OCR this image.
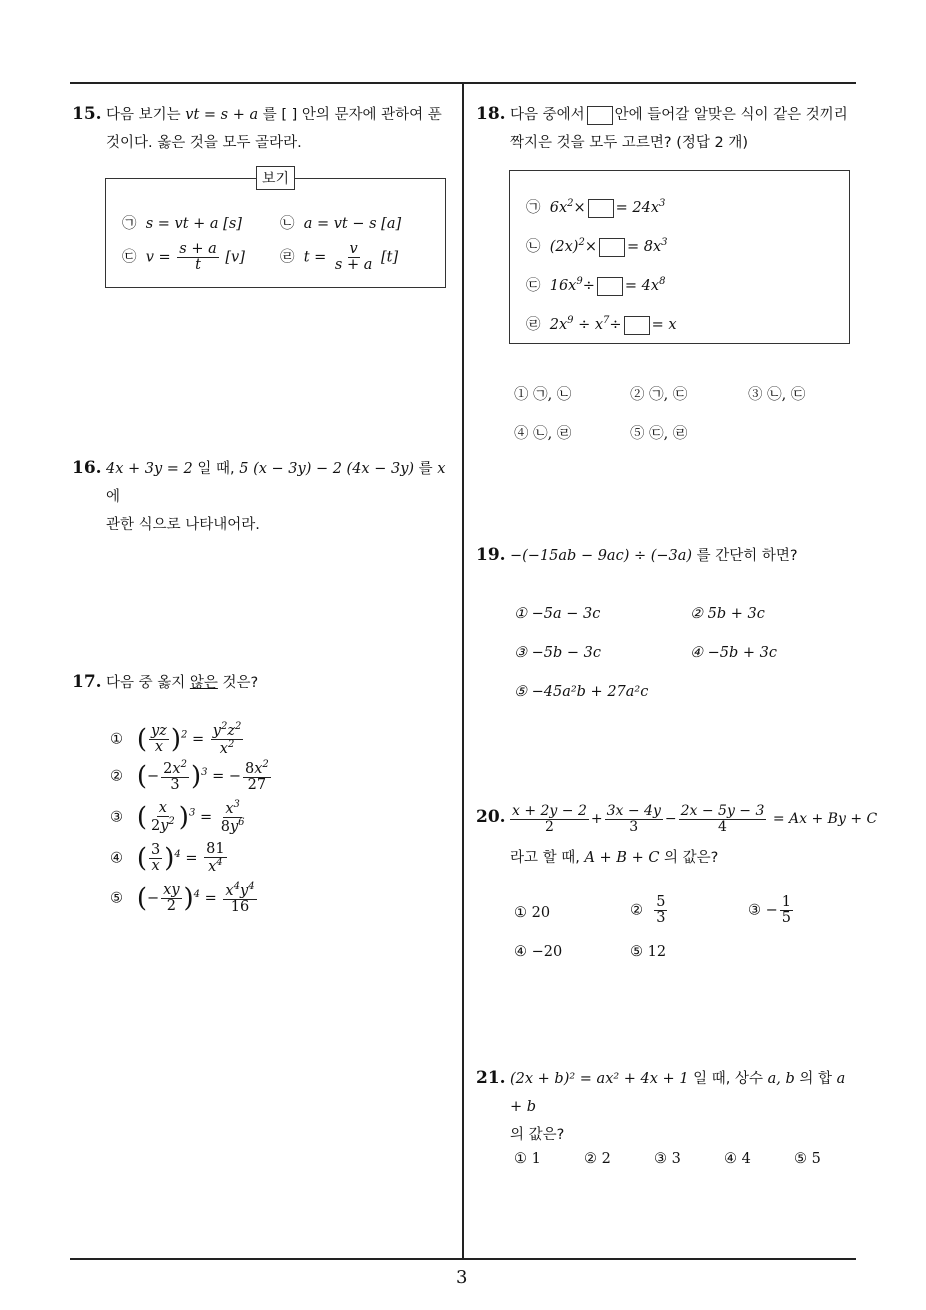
3
15. 다음 보기는 vt = s + a 를 [ ] 안의 문자에 관하여 푼
것이다. 옳은 것을 모두 골라라.
보기
㉠ s = vt + a [s]	㉡ a = vt − s [a]
㉢ $v = \frac{s + a}{t} [v]$ ㉣ $t = \frac{v}{s + a} [t]$
16. 4x + 3y = 2 일 때, 5 (x − 3y) − 2 (4x − 3y) 를 x 에
관한 식으로 나타내어라.
17. 다음 중 옳지 않은 것은?
① ( $\frac{yz}{x} )^2 = \frac{y^2z^2}{x^2}$
② (− $\frac{2x^2}{3} )^3$ = − $\frac{8x^2}{27}$
③ ( $\frac{x}{2y^2} )^3 = \frac{x^3}{8y^6}$
④ ( $\frac{3}{x} )^4 = \frac{81}{x^4}$
⑤ (− $\frac{xy}{2} )^4 = \frac{x^4y^4}{16}$
18. 다음 중에서 안에 들어갈 알맞은 식이 같은 것끼리
짝지은 것을 모두 고르면? (정답 2 개)
㉠ $6x^2\times = 24x^3$
㉡ $(2x)^2\times = 8x^3$
㉢ $16x^9\div = 4x^8$
㉣ $2x^9 \div x^7\div = x$
① ㉠, ㉡	② ㉠, ㉢	③ ㉡, ㉢
④ ㉡, ㉣	⑤ ㉢, ㉣
19. −(−15ab − 9ac) ÷ (−3a) 를 간단히 하면?
① −5a − 3c	② 5b + 3c
③ −5b − 3c	④ −5b + 3c
⑤ −45a²b + 27a²c
20. $\frac{x + 2y - 2}{2} + \frac{3x - 4y}{3} - \frac{2x - 5y - 3}{4} = Ax + By + C$
라고 할 때, A + B + C 의 값은?
① 20	② $\frac{5}{3}$	③ − $\frac{1}{5}$
④ −20	⑤ 12
21. (2x + b)² = ax² + 4x + 1 일 때, 상수 a, b 의 합 a + b
의 값은?
① 1	② 2	③ 3	④ 4	⑤ 5
